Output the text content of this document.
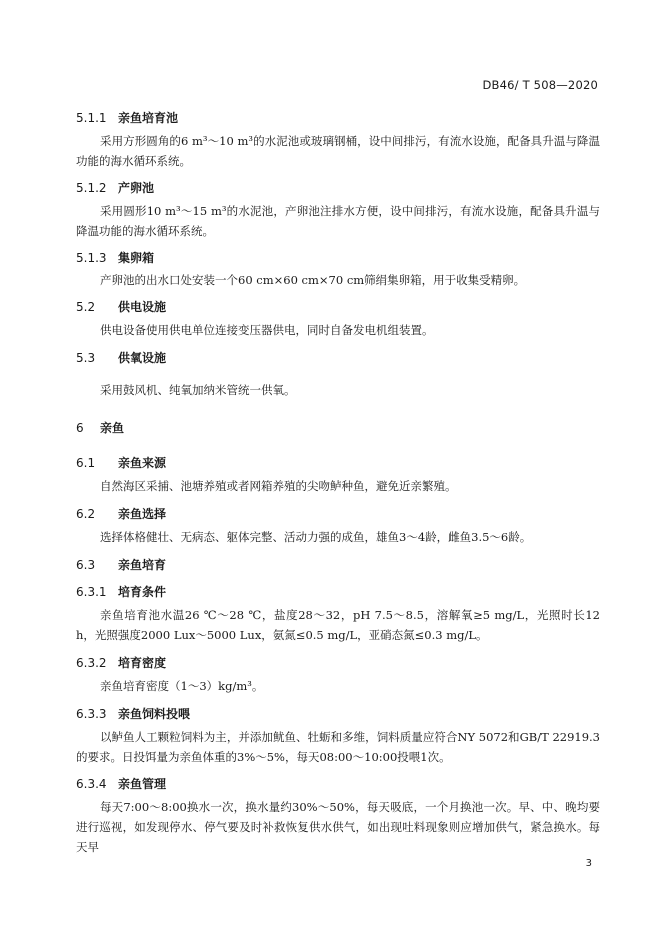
DB46/ T 508—2020
5.1.1 亲鱼培育池
采用方形圆角的6 m³～10 m³的水泥池或玻璃钢桶，设中间排污，有流水设施，配备具升温与降温功能的海水循环系统。
5.1.2 产卵池
采用圆形10 m³～15 m³的水泥池，产卵池注排水方便，设中间排污，有流水设施，配备具升温与降温功能的海水循环系统。
5.1.3 集卵箱
产卵池的出水口处安装一个60 cm×60 cm×70 cm筛绢集卵箱，用于收集受精卵。
5.2 供电设施
供电设备使用供电单位连接变压器供电，同时自备发电机组装置。
5.3 供氧设施
采用鼓风机、纯氧加纳米管统一供氧。
6 亲鱼
6.1 亲鱼来源
自然海区采捕、池塘养殖或者网箱养殖的尖吻鲈种鱼，避免近亲繁殖。
6.2 亲鱼选择
选择体格健壮、无病态、躯体完整、活动力强的成鱼，雄鱼3～4龄，雌鱼3.5～6龄。
6.3 亲鱼培育
6.3.1 培育条件
亲鱼培育池水温26 ℃～28 ℃，盐度28～32，pH 7.5～8.5，溶解氧≥5 mg/L，光照时长12 h，光照强度2000 Lux～5000 Lux，氨氮≤0.5 mg/L，亚硝态氮≤0.3 mg/L。
6.3.2 培育密度
亲鱼培育密度（1～3）kg/m³。
6.3.3 亲鱼饲料投喂
以鲈鱼人工颗粒饲料为主，并添加鱿鱼、牡蛎和多维，饲料质量应符合NY 5072和GB/T 22919.3的要求。日投饵量为亲鱼体重的3%～5%，每天08:00～10:00投喂1次。
6.3.4 亲鱼管理
每天7:00～8:00换水一次，换水量约30%～50%，每天吸底，一个月换池一次。早、中、晚均要进行巡视，如发现停水、停气要及时补救恢复供水供气，如出现吐料现象则应增加供气，紧急换水。每天早
3
